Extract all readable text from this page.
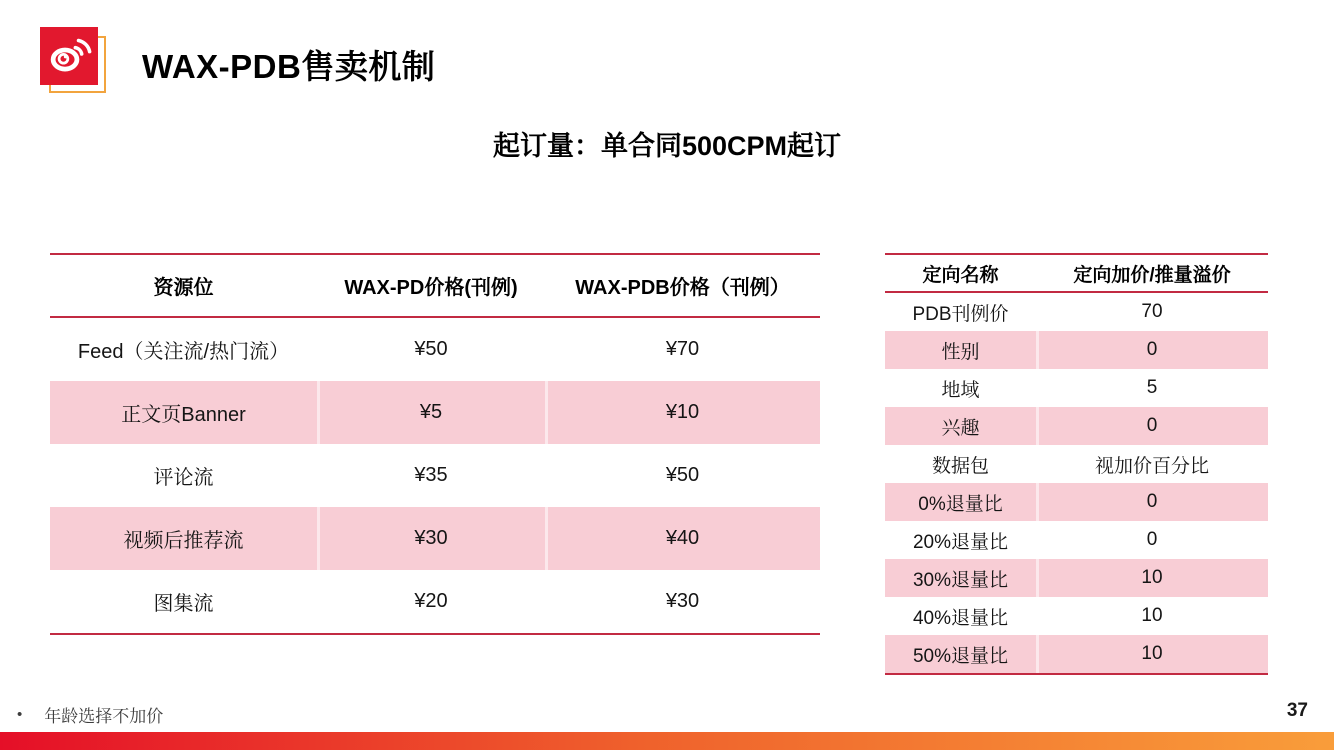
WAX-PDB售卖机制
起订量：单合同500CPM起订
资源位	WAX-PD价格(刊例)	WAX-PDB价格（刊例）
Feed（关注流/热门流）	¥50	¥70
正文页Banner	¥5	¥10
评论流	¥35	¥50
视频后推荐流	¥30	¥40
图集流	¥20	¥30
定向名称	定向加价/推量溢价
PDB刊例价	70
性别	0
地域	5
兴趣	0
数据包	视加价百分比
0%退量比	0
20%退量比	0
30%退量比	10
40%退量比	10
50%退量比	10
• 年龄选择不加价	37
